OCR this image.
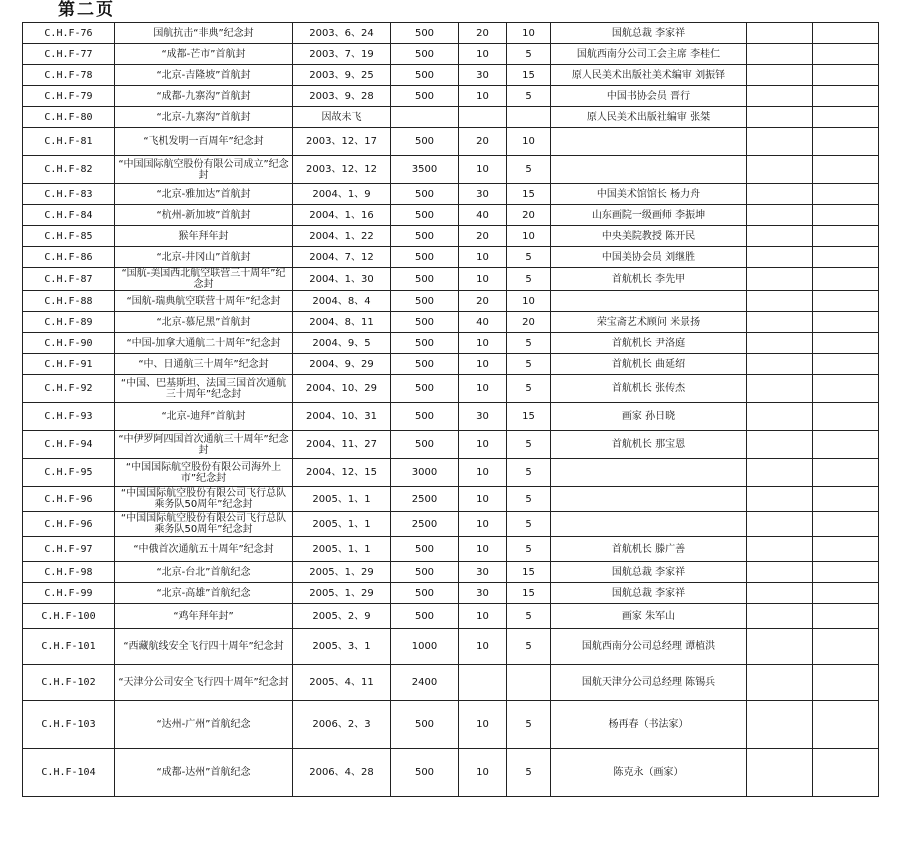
第二页
C.H.F-76	国航抗击“非典”纪念封	2003、6、24	500	20	10	国航总裁 李家祥		
C.H.F-77	“成都-芒市”首航封	2003、7、19	500	10	5	国航西南分公司工会主席 李桂仁		
C.H.F-78	“北京-吉隆坡”首航封	2003、9、25	500	30	15	原人民美术出版社美术编审 刘振铎		
C.H.F-79	“成都-九寨沟”首航封	2003、9、28	500	10	5	中国书协会员 晋行		
C.H.F-80	“北京-九寨沟”首航封	因故未飞				原人民美术出版社编审 张桀		
C.H.F-81	“飞机发明一百周年”纪念封	2003、12、17	500	20	10			
C.H.F-82	“中国国际航空股份有限公司成立”纪念封	2003、12、12	3500	10	5			
C.H.F-83	“北京-雅加达”首航封	2004、1、9	500	30	15	中国美术馆馆长 杨力舟		
C.H.F-84	“杭州-新加坡”首航封	2004、1、16	500	40	20	山东画院一级画师 李振坤		
C.H.F-85	猴年拜年封	2004、1、22	500	20	10	中央美院教授 陈开民		
C.H.F-86	“北京-井冈山”首航封	2004、7、12	500	10	5	中国美协会员 刘继胜		
C.H.F-87	“国航-美国西北航空联营三十周年”纪念封	2004、1、30	500	10	5	首航机长 李先甲		
C.H.F-88	“国航-瑞典航空联营十周年”纪念封	2004、8、4	500	20	10			
C.H.F-89	“北京-慕尼黑”首航封	2004、8、11	500	40	20	荣宝斋艺术顾问 米景扬		
C.H.F-90	“中国-加拿大通航二十周年”纪念封	2004、9、5	500	10	5	首航机长 尹洛庭		
C.H.F-91	“中、日通航三十周年”纪念封	2004、9、29	500	10	5	首航机长 曲延绍		
C.H.F-92	“中国、巴基斯坦、法国三国首次通航三十周年”纪念封	2004、10、29	500	10	5	首航机长 张传杰		
C.H.F-93	“北京-迪拜”首航封	2004、10、31	500	30	15	画家 孙日晓		
C.H.F-94	“中伊罗阿四国首次通航三十周年”纪念封	2004、11、27	500	10	5	首航机长 那宝恩		
C.H.F-95	“中国国际航空股份有限公司海外上市”纪念封	2004、12、15	3000	10	5			
C.H.F-96	“中国国际航空股份有限公司飞行总队乘务队50周年”纪念封	2005、1、1	2500	10	5			
C.H.F-96	“中国国际航空股份有限公司飞行总队乘务队50周年”纪念封	2005、1、1	2500	10	5			
C.H.F-97	“中俄首次通航五十周年”纪念封	2005、1、1	500	10	5	首航机长 滕广善		
C.H.F-98	“北京-台北”首航纪念	2005、1、29	500	30	15	国航总裁 李家祥		
C.H.F-99	“北京-高雄”首航纪念	2005、1、29	500	30	15	国航总裁 李家祥		
C.H.F-100	“鸡年拜年封”	2005、2、9	500	10	5	画家 朱军山		
C.H.F-101	“西藏航线安全飞行四十周年”纪念封	2005、3、1	1000	10	5	国航西南分公司总经理 谭植洪		
C.H.F-102	“天津分公司安全飞行四十周年”纪念封	2005、4、11	2400			国航天津分公司总经理 陈锡兵		
C.H.F-103	“达州-广州”首航纪念	2006、2、3	500	10	5	杨再春（书法家）		
C.H.F-104	“成都-达州”首航纪念	2006、4、28	500	10	5	陈克永（画家）		
